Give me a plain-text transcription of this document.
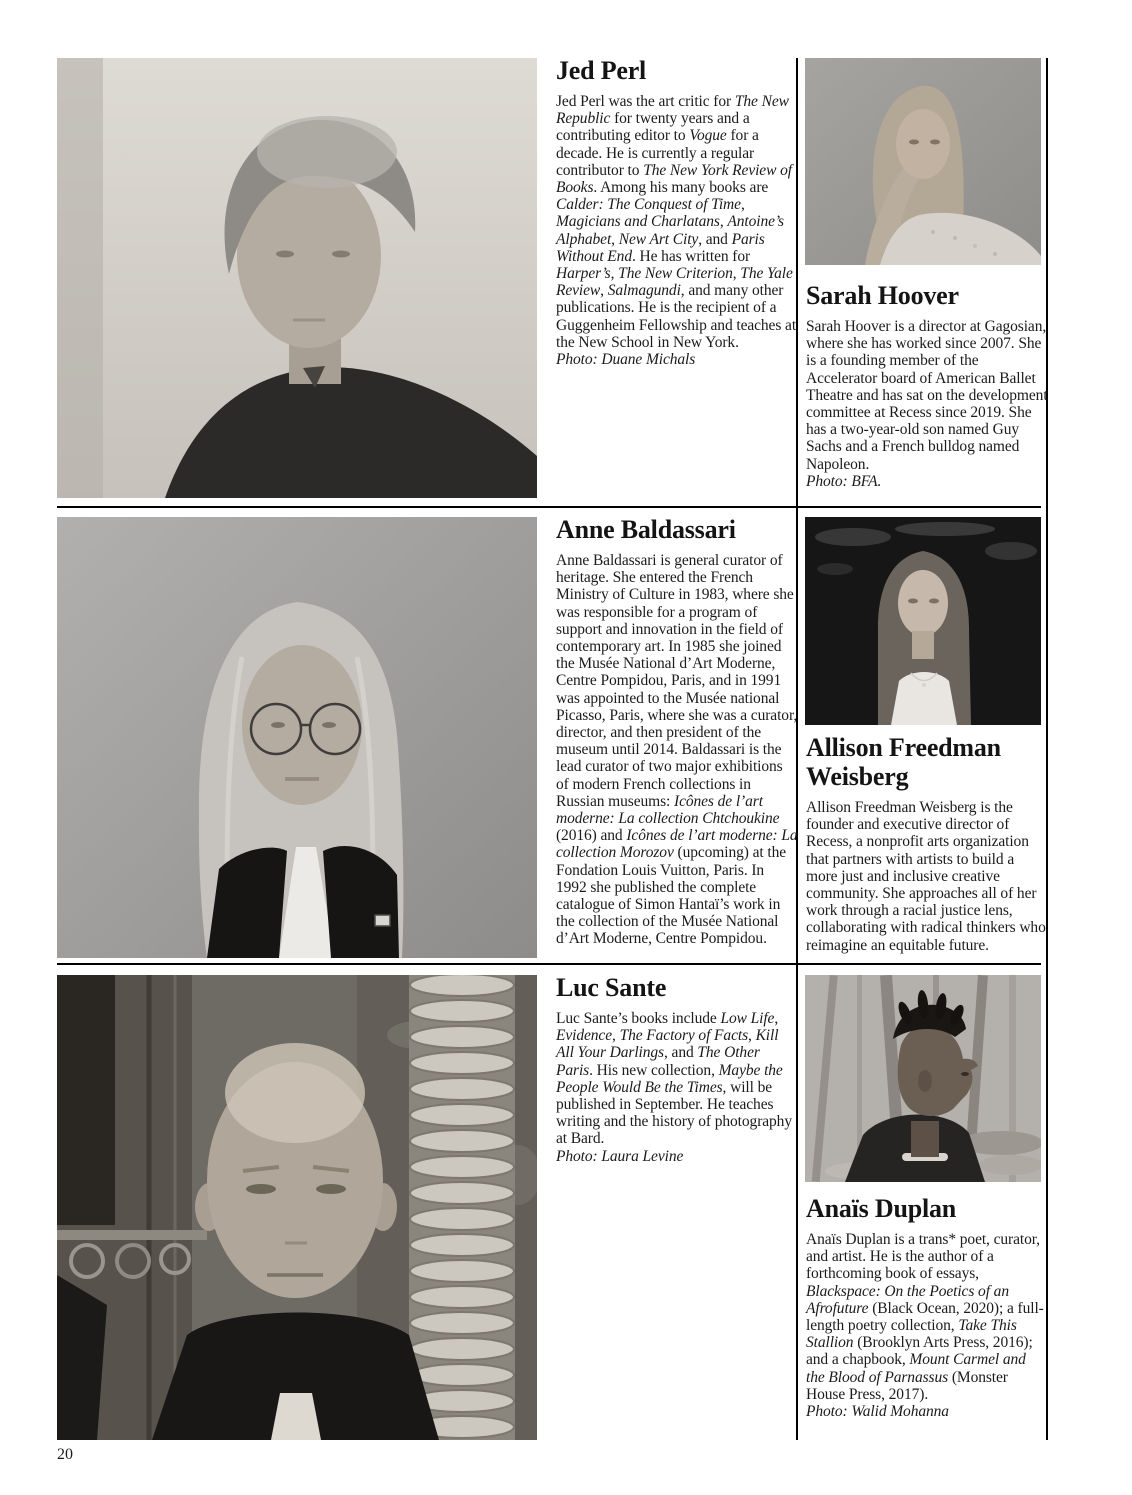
Jed Perl
Jed Perl was the art critic for The New Republic for twenty years and a contributing editor to Vogue for a decade. He is currently a regular contributor to The New York Review of Books. Among his many books are Calder: The Conquest of Time, Magicians and Charlatans, Antoine’s Alphabet, New Art City, and Paris Without End. He has written for Harper’s, The New Criterion, The Yale Review, Salmagundi, and many other publications. He is the recipient of a Guggenheim Fellowship and teaches at the New School in New York.
Photo: Duane Michals
Sarah Hoover
Sarah Hoover is a director at Gagosian, where she has worked since 2007. She is a founding member of the Accelerator board of American Ballet Theatre and has sat on the development committee at Recess since 2019. She has a two-year-old son named Guy Sachs and a French bulldog named Napoleon.
Photo: BFA.
Anne Baldassari
Anne Baldassari is general curator of heritage. She entered the French Ministry of Culture in 1983, where she was responsible for a program of support and innovation in the field of contemporary art. In 1985 she joined the Musée National d’Art Moderne, Centre Pompidou, Paris, and in 1991 was appointed to the Musée national Picasso, Paris, where she was a curator, director, and then president of the museum until 2014. Baldassari is the lead curator of two major exhibitions of modern French collections in Russian museums: Icônes de l’art moderne: La collection Chtchoukine (2016) and Icônes de l’art moderne: La collection Morozov (upcoming) at the Fondation Louis Vuitton, Paris. In 1992 she published the complete catalogue of Simon Hantaï’s work in the collection of the Musée National d’Art Moderne, Centre Pompidou.
Allison Freedman Weisberg
Allison Freedman Weisberg is the founder and executive director of Recess, a nonprofit arts organization that partners with artists to build a more just and inclusive creative community. She approaches all of her work through a racial justice lens, collaborating with radical thinkers who reimagine an equitable future.
Luc Sante
Luc Sante’s books include Low Life, Evidence, The Factory of Facts, Kill All Your Darlings, and The Other Paris. His new collection, Maybe the People Would Be the Times, will be published in September. He teaches writing and the history of photography at Bard.
Photo: Laura Levine
Anaïs Duplan
Anaïs Duplan is a trans* poet, curator, and artist. He is the author of a forthcoming book of essays, Blackspace: On the Poetics of an Afrofuture (Black Ocean, 2020); a full-length poetry collection, Take This Stallion (Brooklyn Arts Press, 2016); and a chapbook, Mount Carmel and the Blood of Parnassus (Monster House Press, 2017).
Photo: Walid Mohanna
20
